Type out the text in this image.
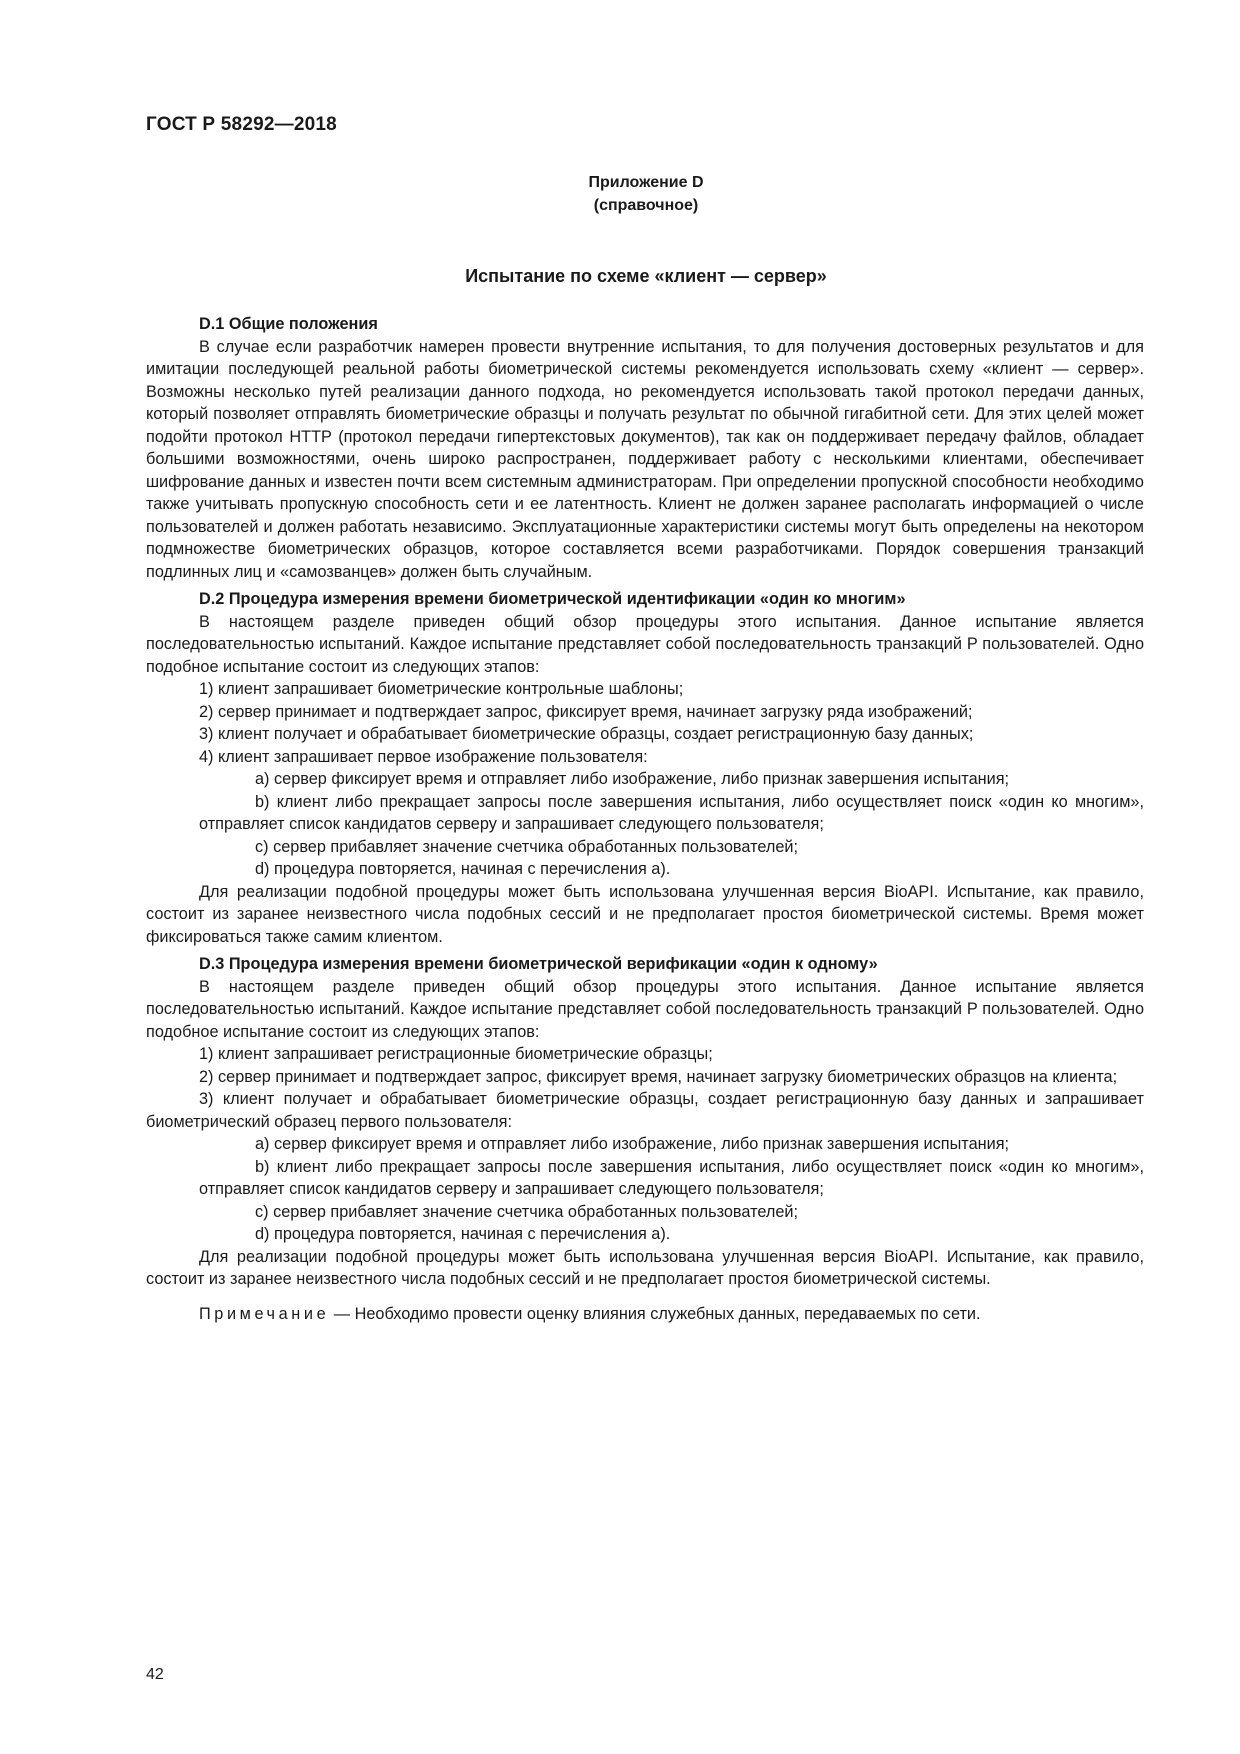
ГОСТ Р 58292—2018
Приложение D
(справочное)
Испытание по схеме «клиент — сервер»

D.1 Общие положения

В случае если разработчик намерен провести внутренние испытания, то для получения достоверных результатов и для имитации последующей реальной работы биометрической системы рекомендуется использовать схему «клиент — сервер». Возможны несколько путей реализации данного подхода, но рекомендуется использовать такой протокол передачи данных, который позволяет отправлять биометрические образцы и получать результат по обычной гигабитной сети. Для этих целей может подойти протокол HTTP (протокол передачи гипертекстовых документов), так как он поддерживает передачу файлов, обладает большими возможностями, очень широко распространен, поддерживает работу с несколькими клиентами, обеспечивает шифрование данных и известен почти всем системным администраторам. При определении пропускной способности необходимо также учитывать пропускную способность сети и ее латентность. Клиент не должен заранее располагать информацией о числе пользователей и должен работать независимо. Эксплуатационные характеристики системы могут быть определены на некотором подмножестве биометрических образцов, которое составляется всеми разработчиками. Порядок совершения транзакций подлинных лиц и «самозванцев» должен быть случайным.

D.2 Процедура измерения времени биометрической идентификации «один ко многим»

В настоящем разделе приведен общий обзор процедуры этого испытания. Данное испытание является последовательностью испытаний. Каждое испытание представляет собой последовательность транзакций P пользователей. Одно подобное испытание состоит из следующих этапов:

1) клиент запрашивает биометрические контрольные шаблоны;

2) сервер принимает и подтверждает запрос, фиксирует время, начинает загрузку ряда изображений;

3) клиент получает и обрабатывает биометрические образцы, создает регистрационную базу данных;

4) клиент запрашивает первое изображение пользователя:

a) сервер фиксирует время и отправляет либо изображение, либо признак завершения испытания;

b) клиент либо прекращает запросы после завершения испытания, либо осуществляет поиск «один ко многим», отправляет список кандидатов серверу и запрашивает следующего пользователя;

c) сервер прибавляет значение счетчика обработанных пользователей;

d) процедура повторяется, начиная с перечисления a).

Для реализации подобной процедуры может быть использована улучшенная версия BioAPI. Испытание, как правило, состоит из заранее неизвестного числа подобных сессий и не предполагает простоя биометрической системы. Время может фиксироваться также самим клиентом.

D.3 Процедура измерения времени биометрической верификации «один к одному»

В настоящем разделе приведен общий обзор процедуры этого испытания. Данное испытание является последовательностью испытаний. Каждое испытание представляет собой последовательность транзакций P пользователей. Одно подобное испытание состоит из следующих этапов:

1) клиент запрашивает регистрационные биометрические образцы;

2) сервер принимает и подтверждает запрос, фиксирует время, начинает загрузку биометрических образцов на клиента;

3) клиент получает и обрабатывает биометрические образцы, создает регистрационную базу данных и запрашивает биометрический образец первого пользователя:

a) сервер фиксирует время и отправляет либо изображение, либо признак завершения испытания;

b) клиент либо прекращает запросы после завершения испытания, либо осуществляет поиск «один ко многим», отправляет список кандидатов серверу и запрашивает следующего пользователя;

c) сервер прибавляет значение счетчика обработанных пользователей;

d) процедура повторяется, начиная с перечисления a).

Для реализации подобной процедуры может быть использована улучшенная версия BioAPI. Испытание, как правило, состоит из заранее неизвестного числа подобных сессий и не предполагает простоя биометрической системы.

Примечание — Необходимо провести оценку влияния служебных данных, передаваемых по сети.

42
